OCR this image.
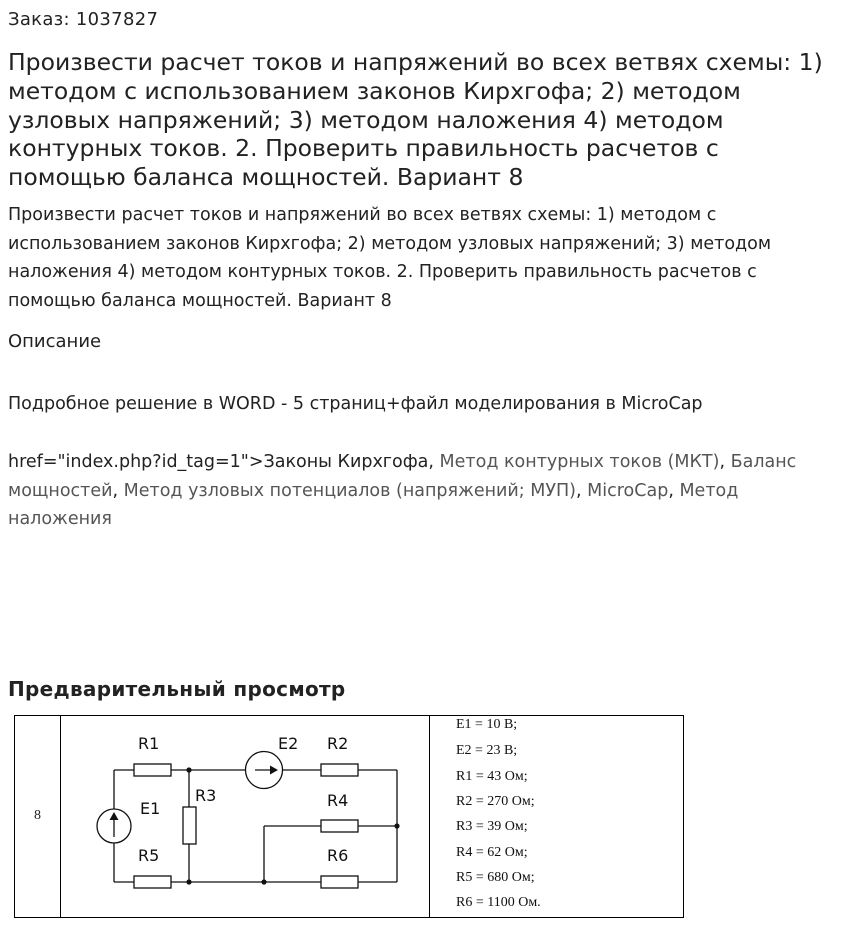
Заказ: 1037827
Произвести расчет токов и напряжений во всех ветвях схемы: 1) методом с использованием законов Кирхгофа; 2) методом узловых напряжений; 3) методом наложения 4) методом контурных токов. 2. Проверить правильность расчетов с помощью баланса мощностей. Вариант 8
Произвести расчет токов и напряжений во всех ветвях схемы: 1) методом с использованием законов Кирхгофа; 2) методом узловых напряжений; 3) методом наложения 4) методом контурных токов. 2. Проверить правильность расчетов с помощью баланса мощностей. Вариант 8
Описание
Подробное решение в WORD - 5 страниц+файл моделирования в MicroCap
href="index.php?id_tag=1">Законы Кирхгофа, Метод контурных токов (МКТ), Баланс мощностей, Метод узловых потенциалов (напряжений; МУП), MicroCap, Метод наложения
Предварительный просмотр
8
R1	E2 R2
R3	R4
E1
R5	R6
E1 = 10 В;
E2 = 23 В;
R1 = 43 Ом;
R2 = 270 Ом;
R3 = 39 Ом;
R4 = 62 Ом;
R5 = 680 Ом;
R6 = 1100 Ом.
